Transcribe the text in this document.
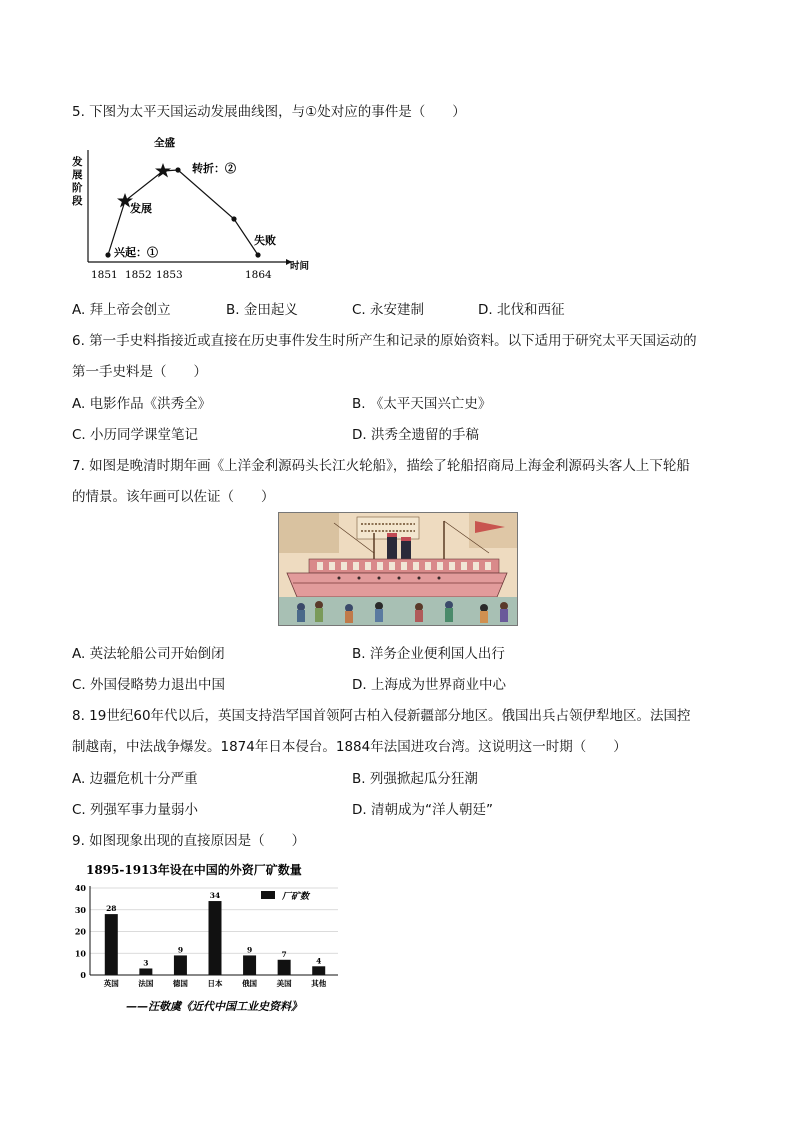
5. 下图为太平天国运动发展曲线图，与①处对应的事件是（　　）
发
展
阶
段
时间
1851 1852 1853	1864
全盛
转折：②
发展
兴起：①
失败
A. 拜上帝会创立	B. 金田起义	C. 永安建制	D. 北伐和西征
6. 第一手史料指接近或直接在历史事件发生时所产生和记录的原始资料。以下适用于研究太平天国运动的
第一手史料是（　　）
A. 电影作品《洪秀全》	B. 《太平天国兴亡史》
C. 小历同学课堂笔记	D. 洪秀全遗留的手稿
7. 如图是晚清时期年画《上洋金利源码头长江火轮船》，描绘了轮船招商局上海金利源码头客人上下轮船
的情景。该年画可以佐证（　　）
A. 英法轮船公司开始倒闭	B. 洋务企业便利国人出行
C. 外国侵略势力退出中国	D. 上海成为世界商业中心
8. 19世纪60年代以后，英国支持浩罕国首领阿古柏入侵新疆部分地区。俄国出兵占领伊犁地区。法国控
制越南，中法战争爆发。1874年日本侵台。1884年法国进攻台湾。这说明这一时期（　　）
A. 边疆危机十分严重	B. 列强掀起瓜分狂潮
C. 列强军事力量弱小	D. 清朝成为“洋人朝廷”
9. 如图现象出现的直接原因是（　　）
1895-1913年设在中国的外资厂矿数量
厂矿数
0
10
20
30
40
28
英国
3
法国
9
德国
34
日本
9
俄国
7
美国
4
其他
——汪敬虞《近代中国工业史资料》
